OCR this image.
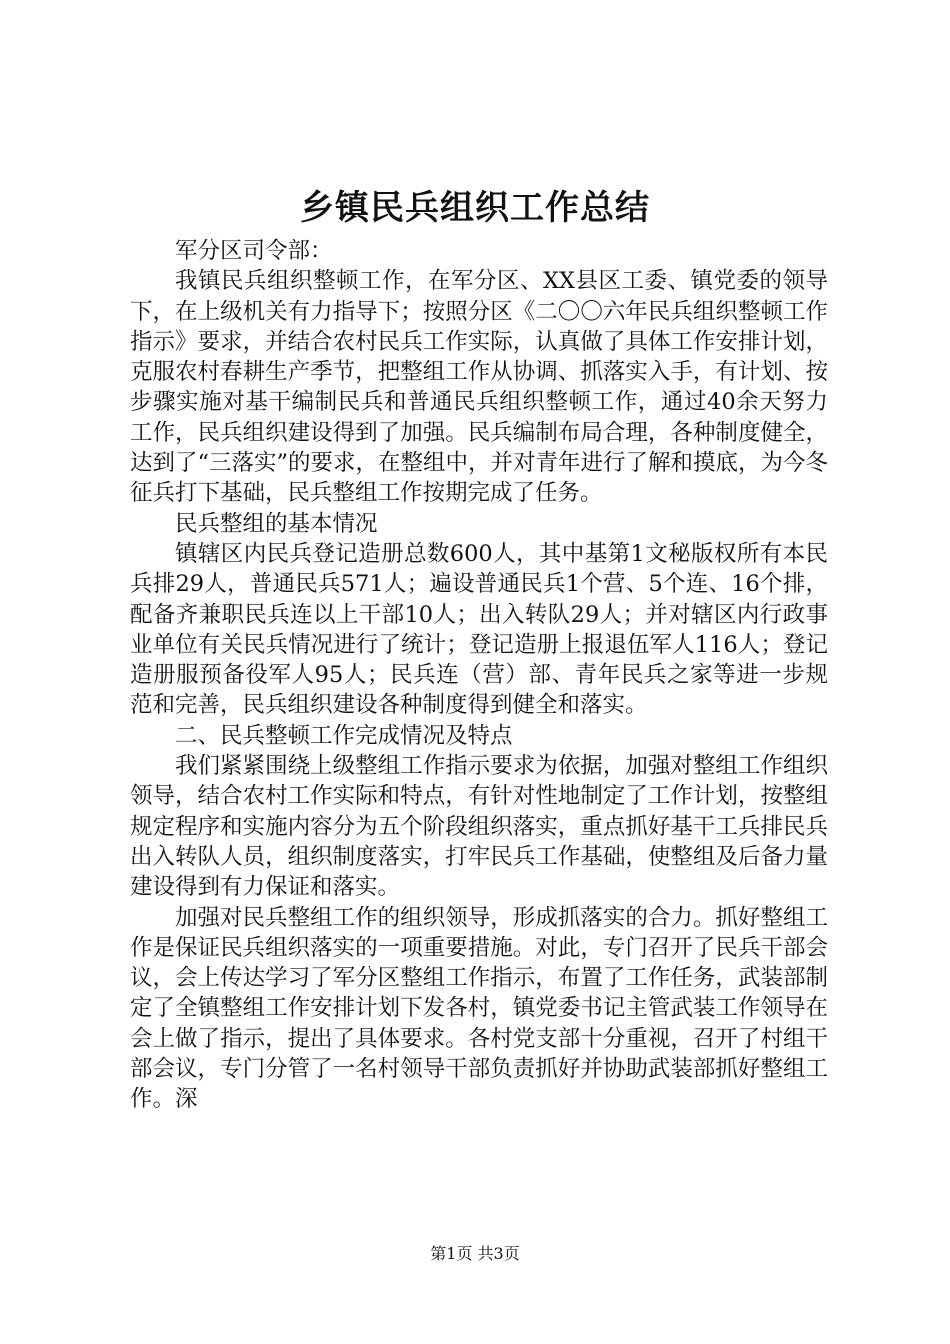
乡镇民兵组织工作总结

军分区司令部：

我镇民兵组织整顿工作，在军分区、XX县区工委、镇党委的领导下，在上级机关有力指导下；按照分区《二〇〇六年民兵组织整顿工作指示》要求，并结合农村民兵工作实际，认真做了具体工作安排计划，克服农村春耕生产季节，把整组工作从协调、抓落实入手，有计划、按步骤实施对基干编制民兵和普通民兵组织整顿工作，通过40余天努力工作，民兵组织建设得到了加强。民兵编制布局合理，各种制度健全，达到了“三落实”的要求，在整组中，并对青年进行了解和摸底，为今冬征兵打下基础，民兵整组工作按期完成了任务。

民兵整组的基本情况

镇辖区内民兵登记造册总数600人，其中基第1文秘版权所有本民兵排29人，普通民兵571人；遍设普通民兵1个营、5个连、16个排，配备齐兼职民兵连以上干部10人；出入转队29人；并对辖区内行政事业单位有关民兵情况进行了统计；登记造册上报退伍军人116人；登记造册服预备役军人95人；民兵连（营）部、青年民兵之家等进一步规范和完善，民兵组织建设各种制度得到健全和落实。

二、民兵整顿工作完成情况及特点

我们紧紧围绕上级整组工作指示要求为依据，加强对整组工作组织领导，结合农村工作实际和特点，有针对性地制定了工作计划，按整组规定程序和实施内容分为五个阶段组织落实，重点抓好基干工兵排民兵出入转队人员，组织制度落实，打牢民兵工作基础，使整组及后备力量建设得到有力保证和落实。

加强对民兵整组工作的组织领导，形成抓落实的合力。抓好整组工作是保证民兵组织落实的一项重要措施。对此，专门召开了民兵干部会议，会上传达学习了军分区整组工作指示，布置了工作任务，武装部制定了全镇整组工作安排计划下发各村，镇党委书记主管武装工作领导在会上做了指示，提出了具体要求。各村党支部十分重视，召开了村组干部会议，专门分管了一名村领导干部负责抓好并协助武装部抓好整组工作。深

第1页 共3页
